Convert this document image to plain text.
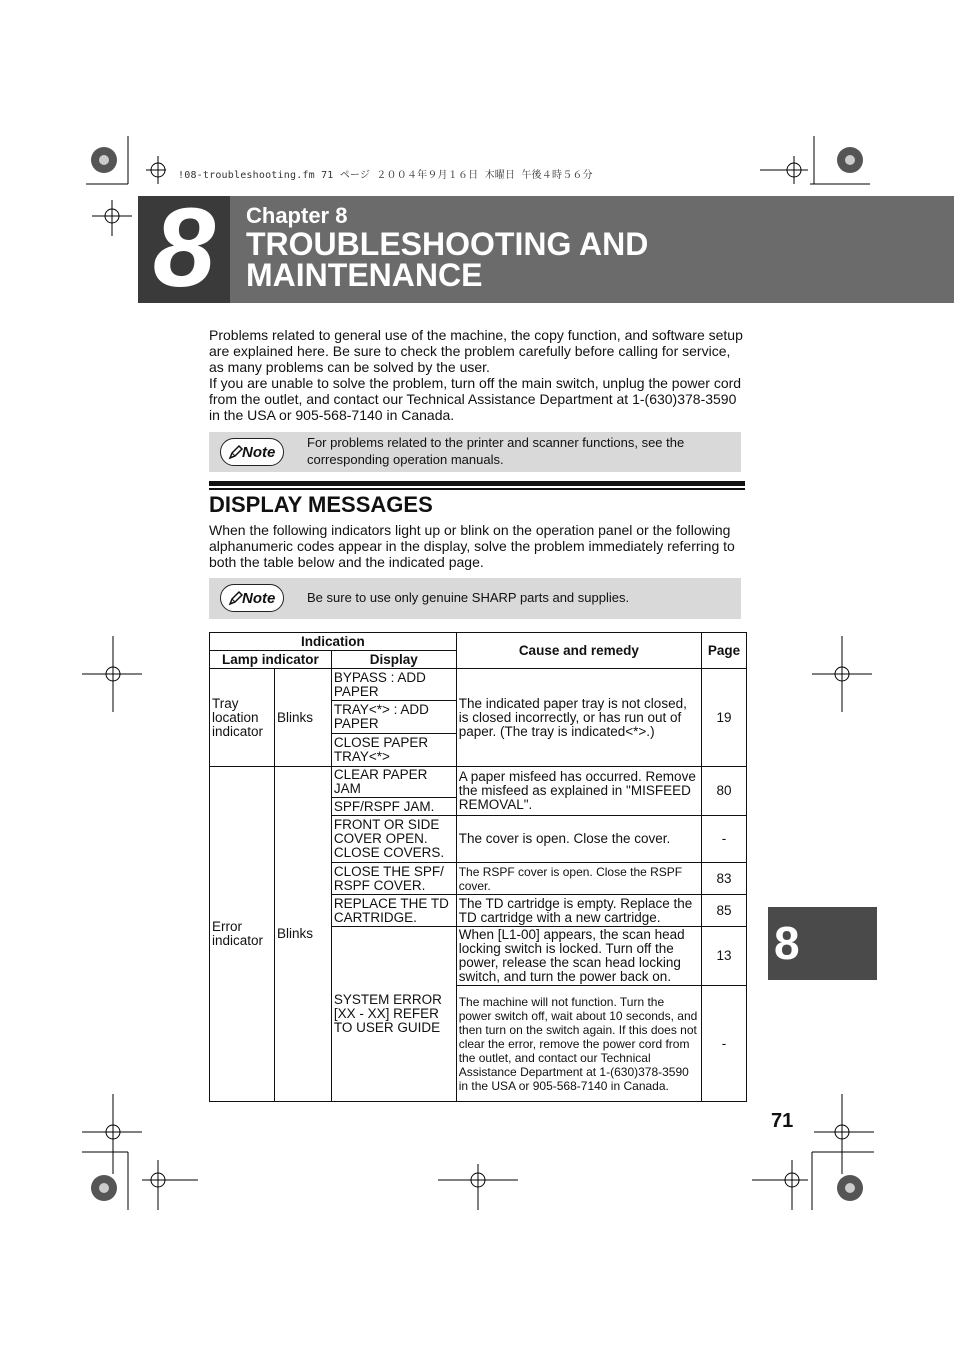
!08-troubleshooting.fm 71 ページ ２００４年９月１６日 木曜日 午後４時５６分
8	Chapter 8
TROUBLESHOOTING AND MAINTENANCE
Problems related to general use of the machine, the copy function, and software setup are explained here. Be sure to check the problem carefully before calling for service, as many problems can be solved by the user.
If you are unable to solve the problem, turn off the main switch, unplug the power cord from the outlet, and contact our Technical Assistance Department at 1-(630)378-3590 in the USA or 905-568-7140 in Canada.
Note
For problems related to the printer and scanner functions, see the corresponding operation manuals.
DISPLAY MESSAGES
When the following indicators light up or blink on the operation panel or the following alphanumeric codes appear in the display, solve the problem immediately referring to both the table below and the indicated page.
Note Be sure to use only genuine SHARP parts and supplies.
Indication			Cause and remedy	Page
Lamp indicator		Display		
Tray location indicator	Blinks	BYPASS : ADD PAPER	The indicated paper tray is not closed, is closed incorrectly, or has run out of paper. (The tray is indicated<*>.)	19
		TRAY<*> : ADD PAPER		
		CLOSE PAPER TRAY<*>		
Error indicator	Blinks	CLEAR PAPER JAM	A paper misfeed has occurred. Remove the misfeed as explained in "MISFEED REMOVAL".	80
		SPF/RSPF JAM.		
		FRONT OR SIDE COVER OPEN. CLOSE COVERS.	The cover is open. Close the cover.	-
		CLOSE THE SPF/ RSPF COVER.	The RSPF cover is open. Close the RSPF cover.	83
		REPLACE THE TD CARTRIDGE.	The TD cartridge is empty. Replace the TD cartridge with a new cartridge.	85
		SYSTEM ERROR [XX - XX] REFER TO USER GUIDE	When [L1-00] appears, the scan head locking switch is locked. Turn off the power, release the scan head locking switch, and turn the power back on.	13
			The machine will not function. Turn the power switch off, wait about 10 seconds, and then turn on the switch again. If this does not clear the error, remove the power cord from the outlet, and contact our Technical Assistance Department at 1-(630)378-3590 in the USA or 905-568-7140 in Canada.	-
8
71
